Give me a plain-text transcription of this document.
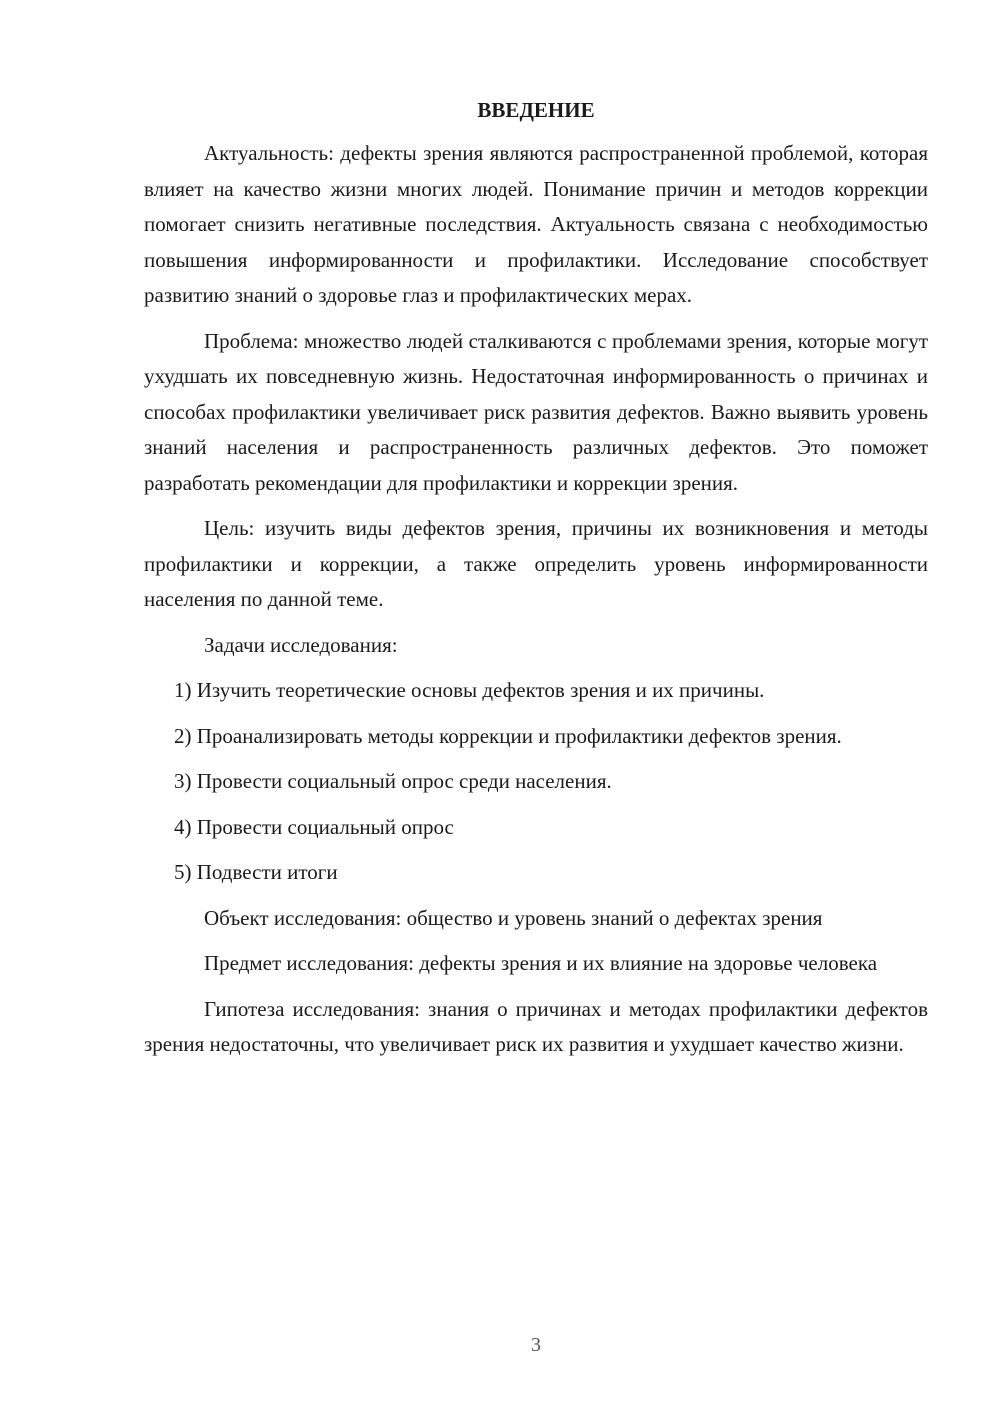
ВВЕДЕНИЕ

Актуальность: дефекты зрения являются распространенной проблемой, которая влияет на качество жизни многих людей. Понимание причин и методов коррекции помогает снизить негативные последствия. Актуальность связана с необходимостью повышения информированности и профилактики. Исследование способствует развитию знаний о здоровье глаз и профилактических мерах.

Проблема: множество людей сталкиваются с проблемами зрения, которые могут ухудшать их повседневную жизнь. Недостаточная информированность о причинах и способах профилактики увеличивает риск развития дефектов. Важно выявить уровень знаний населения и распространенность различных дефектов. Это поможет разработать рекомендации для профилактики и коррекции зрения.

Цель: изучить виды дефектов зрения, причины их возникновения и методы профилактики и коррекции, а также определить уровень информированности населения по данной теме.

Задачи исследования:

1) Изучить теоретические основы дефектов зрения и их причины.

2) Проанализировать методы коррекции и профилактики дефектов зрения.

3) Провести социальный опрос среди населения.

4) Провести социальный опрос

5) Подвести итоги

Объект исследования: общество и уровень знаний о дефектах зрения

Предмет исследования: дефекты зрения и их влияние на здоровье человека

Гипотеза исследования: знания о причинах и методах профилактики дефектов зрения недостаточны, что увеличивает риск их развития и ухудшает качество жизни.

3
